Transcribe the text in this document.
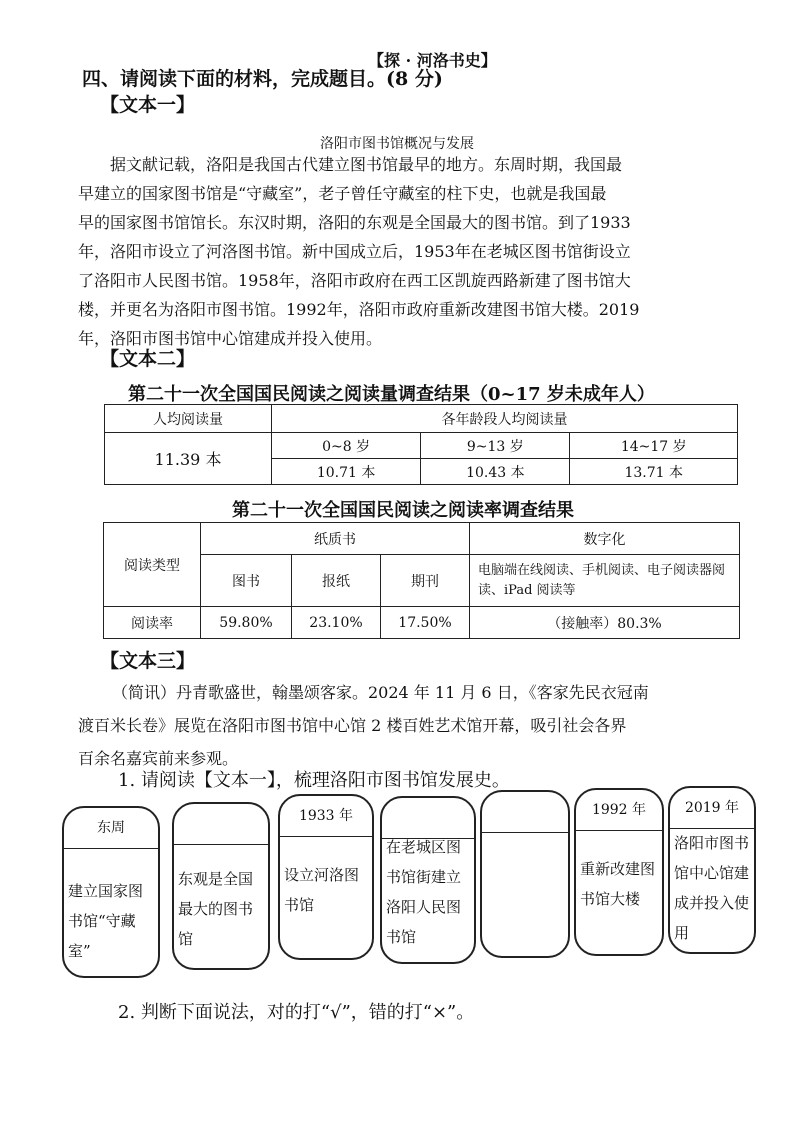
四、请阅读下面的材料，完成题目。(8 分)
【探 · 河洛书史】
【文本一】
洛阳市图书馆概况与发展

据文献记载，洛阳是我国古代建立图书馆最早的地方。东周时期，我国最

早建立的国家图书馆是“守藏室”，老子曾任守藏室的柱下史，也就是我国最

早的国家图书馆馆长。东汉时期，洛阳的东观是全国最大的图书馆。到了1933

年，洛阳市设立了河洛图书馆。新中国成立后，1953年在老城区图书馆街设立

了洛阳市人民图书馆。1958年，洛阳市政府在西工区凯旋西路新建了图书馆大

楼，并更名为洛阳市图书馆。1992年，洛阳市政府重新改建图书馆大楼。2019

年，洛阳市图书馆中心馆建成并投入使用。

【文本二】
第二十一次全国国民阅读之阅读量调查结果（0~17 岁未成年人）
人均阅读量	各年龄段人均阅读量		
11.39 本	0~8 岁	9~13 岁	14~17 岁
	10.71 本	10.43 本	13.71 本
第二十一次全国国民阅读之阅读率调查结果
阅读类型	纸质书			数字化
	图书	报纸	期刊	电脑端在线阅读、手机阅读、电子阅读器阅读、iPad 阅读等
阅读率	59.80%	23.10%	17.50%	（接触率）80.3%
【文本三】

（简讯）丹青歌盛世，翰墨颂客家。2024 年 11 月 6 日，《客家先民衣冠南

渡百米长卷》展览在洛阳市图书馆中心馆 2 楼百姓艺术馆开幕，吸引社会各界

百余名嘉宾前来参观。

1. 请阅读【文本一】，梳理洛阳市图书馆发展史。
东周
建立国家图书馆“守藏室”
东观是全国最大的图书馆
1933 年
设立河洛图书馆
在老城区图书馆街建立洛阳人民图书馆
1992 年
重新改建图书馆大楼
2019 年
洛阳市图书馆中心馆建成并投入使用
2. 判断下面说法，对的打“√”，错的打“×”。
